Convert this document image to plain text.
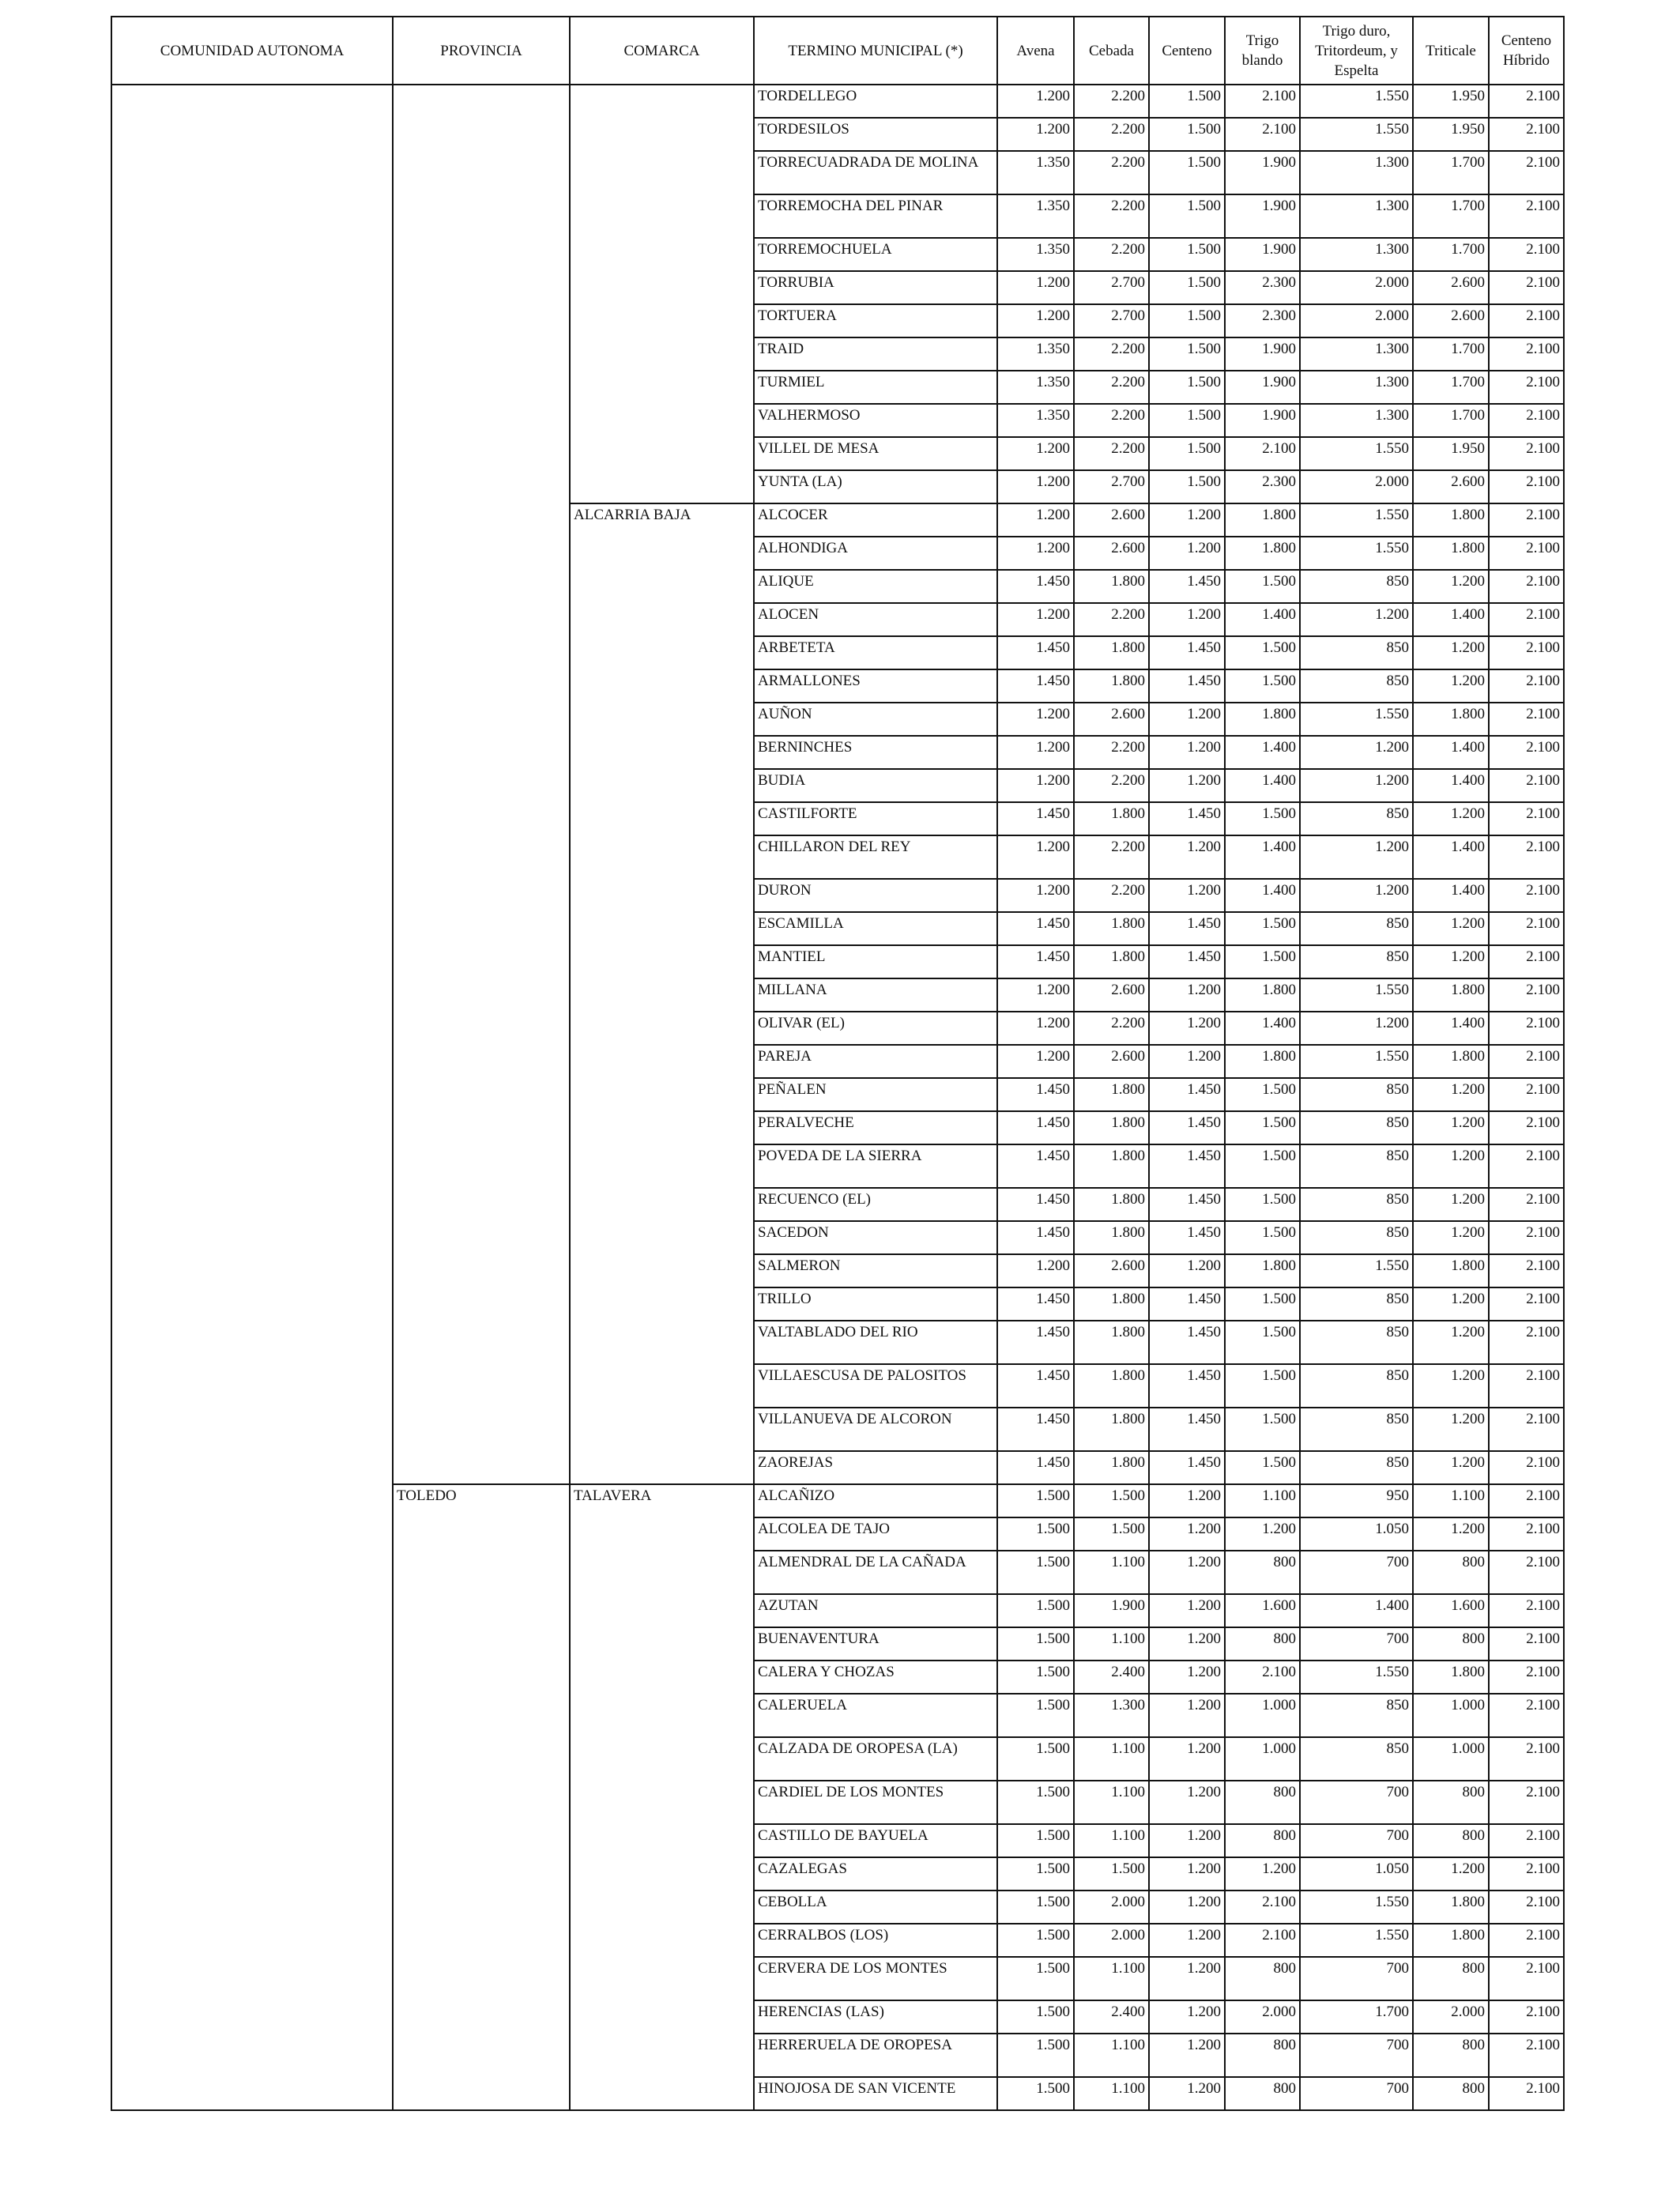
COMUNIDAD AUTONOMA	PROVINCIA	COMARCA	TERMINO MUNICIPAL (*)	Avena	Cebada	Centeno	Trigo blando	Trigo duro, Tritordeum, y Espelta	Triticale	Centeno Híbrido
			TORDELLEGO	1.200	2.200	1.500	2.100	1.550	1.950	2.100
			TORDESILOS	1.200	2.200	1.500	2.100	1.550	1.950	2.100
			TORRECUADRADA DE MOLINA	1.350	2.200	1.500	1.900	1.300	1.700	2.100
			TORREMOCHA DEL PINAR	1.350	2.200	1.500	1.900	1.300	1.700	2.100
			TORREMOCHUELA	1.350	2.200	1.500	1.900	1.300	1.700	2.100
			TORRUBIA	1.200	2.700	1.500	2.300	2.000	2.600	2.100
			TORTUERA	1.200	2.700	1.500	2.300	2.000	2.600	2.100
			TRAID	1.350	2.200	1.500	1.900	1.300	1.700	2.100
			TURMIEL	1.350	2.200	1.500	1.900	1.300	1.700	2.100
			VALHERMOSO	1.350	2.200	1.500	1.900	1.300	1.700	2.100
			VILLEL DE MESA	1.200	2.200	1.500	2.100	1.550	1.950	2.100
			YUNTA (LA)	1.200	2.700	1.500	2.300	2.000	2.600	2.100
		ALCARRIA BAJA	ALCOCER	1.200	2.600	1.200	1.800	1.550	1.800	2.100
			ALHONDIGA	1.200	2.600	1.200	1.800	1.550	1.800	2.100
			ALIQUE	1.450	1.800	1.450	1.500	850	1.200	2.100
			ALOCEN	1.200	2.200	1.200	1.400	1.200	1.400	2.100
			ARBETETA	1.450	1.800	1.450	1.500	850	1.200	2.100
			ARMALLONES	1.450	1.800	1.450	1.500	850	1.200	2.100
			AUÑON	1.200	2.600	1.200	1.800	1.550	1.800	2.100
			BERNINCHES	1.200	2.200	1.200	1.400	1.200	1.400	2.100
			BUDIA	1.200	2.200	1.200	1.400	1.200	1.400	2.100
			CASTILFORTE	1.450	1.800	1.450	1.500	850	1.200	2.100
			CHILLARON DEL REY	1.200	2.200	1.200	1.400	1.200	1.400	2.100
			DURON	1.200	2.200	1.200	1.400	1.200	1.400	2.100
			ESCAMILLA	1.450	1.800	1.450	1.500	850	1.200	2.100
			MANTIEL	1.450	1.800	1.450	1.500	850	1.200	2.100
			MILLANA	1.200	2.600	1.200	1.800	1.550	1.800	2.100
			OLIVAR (EL)	1.200	2.200	1.200	1.400	1.200	1.400	2.100
			PAREJA	1.200	2.600	1.200	1.800	1.550	1.800	2.100
			PEÑALEN	1.450	1.800	1.450	1.500	850	1.200	2.100
			PERALVECHE	1.450	1.800	1.450	1.500	850	1.200	2.100
			POVEDA DE LA SIERRA	1.450	1.800	1.450	1.500	850	1.200	2.100
			RECUENCO (EL)	1.450	1.800	1.450	1.500	850	1.200	2.100
			SACEDON	1.450	1.800	1.450	1.500	850	1.200	2.100
			SALMERON	1.200	2.600	1.200	1.800	1.550	1.800	2.100
			TRILLO	1.450	1.800	1.450	1.500	850	1.200	2.100
			VALTABLADO DEL RIO	1.450	1.800	1.450	1.500	850	1.200	2.100
			VILLAESCUSA DE PALOSITOS	1.450	1.800	1.450	1.500	850	1.200	2.100
			VILLANUEVA DE ALCORON	1.450	1.800	1.450	1.500	850	1.200	2.100
			ZAOREJAS	1.450	1.800	1.450	1.500	850	1.200	2.100
	TOLEDO	TALAVERA	ALCAÑIZO	1.500	1.500	1.200	1.100	950	1.100	2.100
			ALCOLEA DE TAJO	1.500	1.500	1.200	1.200	1.050	1.200	2.100
			ALMENDRAL DE LA CAÑADA	1.500	1.100	1.200	800	700	800	2.100
			AZUTAN	1.500	1.900	1.200	1.600	1.400	1.600	2.100
			BUENAVENTURA	1.500	1.100	1.200	800	700	800	2.100
			CALERA Y CHOZAS	1.500	2.400	1.200	2.100	1.550	1.800	2.100
			CALERUELA	1.500	1.300	1.200	1.000	850	1.000	2.100
			CALZADA DE OROPESA (LA)	1.500	1.100	1.200	1.000	850	1.000	2.100
			CARDIEL DE LOS MONTES	1.500	1.100	1.200	800	700	800	2.100
			CASTILLO DE BAYUELA	1.500	1.100	1.200	800	700	800	2.100
			CAZALEGAS	1.500	1.500	1.200	1.200	1.050	1.200	2.100
			CEBOLLA	1.500	2.000	1.200	2.100	1.550	1.800	2.100
			CERRALBOS (LOS)	1.500	2.000	1.200	2.100	1.550	1.800	2.100
			CERVERA DE LOS MONTES	1.500	1.100	1.200	800	700	800	2.100
			HERENCIAS (LAS)	1.500	2.400	1.200	2.000	1.700	2.000	2.100
			HERRERUELA DE OROPESA	1.500	1.100	1.200	800	700	800	2.100
			HINOJOSA DE SAN VICENTE	1.500	1.100	1.200	800	700	800	2.100
